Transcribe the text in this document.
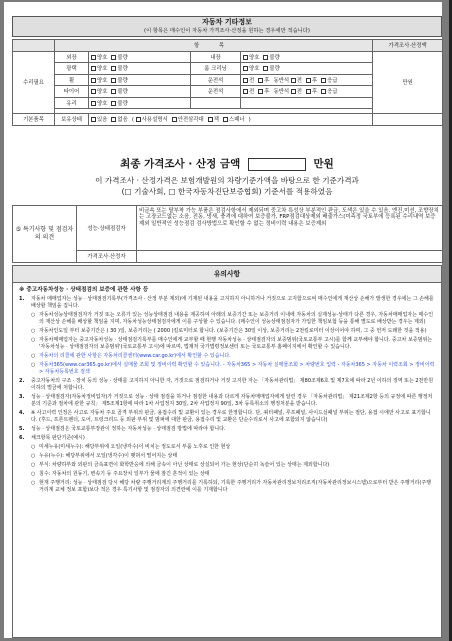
자동차 기타정보
(이 항목은 매수인이 자동차 가격조사·산정을 원하는 경우에만 적습니다)
	항 목				가격조사·산정액
수리필요	외장	양호 불량	내장	양호 불량	만원
	광택	양호 불량	룸 크리닝	양호 불량	
	휠	양호 불량	운전석	전 후 동반석 전 후 응급	
	타이어	양호 불량	운전석	전 후 동반석 전 후 응급	
	유리	양호 불량			

기본품목	보유상태	있음 없음 ( 사용설명서 안전삼각대 잭 스패너 )			
최종 가격조사 · 산정 금액	만원
이 가격조사 · 산정가격은 보험개발원의 차량기준가액을 바탕으로 한 기준가격과
(□ 기술사회, □ 한국자동차진단보증협회) 기준서를 적용하였음
⑤ 특기사항 및 점검자의 의견	성능·상태점검자	비금속 또는 탈부착 가능 부품은 점검사항에서 제외되며 중고차 특성상 부분적인 판금, 도색은 있을 수 있음. 엔진,미션, 조향장치는 고장코드없는 소음, 진동, 냉새, 충격에 대하여 보증불가, FRP점검대상제외 배출가스(미측정 국토부에 등록된 수리내역 보증제외 일반적인 성능점검 검사방법으로 확인할 수 없는 정비이력 내용은 보증제외
	가격조사·산정자	
유의사항
※ 중고자동차성능 · 상태점검의 보증에 관한 사항 등
1.	자동차 매매업자는 성능 · 상태점검기록부(가격조사 · 산정 부분 제외)에 기재된 내용을 고지하지 아니하거나 거짓으로 고지함으로써 매수인에게 재산상 손해가 발생한 경우에는 그 손해를 배상할 책임을 집니다.
○ 자동차성능상태점검자가 거짓 또는 오류가 있는 성능상태점검 내용을 제공하여 아래의 보증기간 또는 보증거리 이내에 자동차의 실제성능·상태가 다른 경우, 자동차매매업자는 매수인의 재산상 손해를 배상할 책임을 지며, 자동차성능상태점검자에게 이를 구상할 수 있습니다. (매수인이 성능상태점검자가 가입한 책임보험 등을 통해 별도로 배상받는 경우는 제외)
○ 자동차인도일 부터 보증기간은 ( 30 )일, 보증거리는 ( 2000 )킬로미터로 합니다. (보증기간은 30일 이상, 보증거리는 2천킬로미터 이상이어야 하며, 그 중 먼저 도래한 것을 적용)
○ 자동차매매업자는 중고자동차성능 · 상태점검기록부를 매수인에게 교부할 때 현행 자동차성능 · 상태점검자의 보증범위(국토교통부 고시)를 함께 교부해야 합니다. 중고차 보증범위는 '자동차성능 · 상태점검자의 보증범위'(국토교통부 고시)에 따르며, 법제처 국가법령정보센터 또는 국토교통부 홈페이지에서 확인할 수 있습니다.
○ 자동차의 리콜에 관한 사항은 자동차리콜센터(www.car.go.kr)에서 확인할 수 있습니다.
○ 자동차365(www.car365.go.kr)에서 실매물 조회 및 정비이력 확인할 수 있습니다. - 자동차365 > 자동차 실매물조회 > 차량번호 입력 - 자동차365 > 자동차 이력조회 > 정비이력 > 자동차등록번호 검색
2.	중고자동차의 구조 · 장치 등의 성능 · 상태를 고지하지 아니한 자, 거짓으로 점검하거나 거짓 고지한 자는 「자동차관리법」 제80조제6호 및 제7호에 따라 2년 이하의 징역 또는 2천만원 이하의 벌금에 처합니다.
3.	성능 · 상태점검자(자동차정비업자)가 거짓으로 성능 · 상태 점검을 하거나 점검한 내용과 다르게 자동차매매업자에게 알린 경우 「자동차관리법」 제21조제2항 등의 규정에 따른 행정처분의 기준과 절차에 관한 규칙」 제5조제1항에 따라 1차 사업정지 30일, 2차 사업정지 90일, 3차 등록취소의 행정처분을 받습니다.
4.	※ 사고이력 인정은 사고로 자동차 주요 골격 부위의 판금, 용접수리 및 교환이 있는 경우로 한정합니다. 단, 쿼터패널, 루프패널, 사이드실패널 부위는 절단, 용접 시에만 사고로 표기합니다. (후드, 프론트펜더, 도어, 트렁크리드 등 외판 부위 및 범퍼에 대한 판금, 용접수리 및 교환은 단순수리로서 사고에 포함되지 않습니다)
5.	성능 · 상태점검은 국토교통부장관이 정하는 자동차성능 · 상태점검 방법에 따라야 합니다.
6.	체크항목 판단기준(예시)
○ 미세누유(미세누수): 해당부위에 오일(냉각수)이 비치는 정도로서 부품 노후로 인한 현상
○ 누유(누수): 해당부위에서 오일(냉각수)이 맺혀서 떨어지는 상태
○ 부식: 차량하부와 외판의 금속표면이 화학반응에 의해 금속이 아닌 상태로 상실되어 가는 현상(단순히 녹슬어 있는 상태는 제외합니다)
○ 침수: 자동차의 원동기, 변속기 등 주요장치 일부가 물에 잠긴 흔적이 있는 상태
○ 현재 주행거리: 성능 · 상태점검 당시 해당 차량 주행거리계의 주행거리를 기록하되, 기록한 주행거리가 자동차관리정보처리조직(자동차관리정보시스템)으로부터 받은 주행거리(주행거리계 교체 정보 포함)보다 적은 경우 특기사항 및 점검자의 의견란에 이를 기재합니다
